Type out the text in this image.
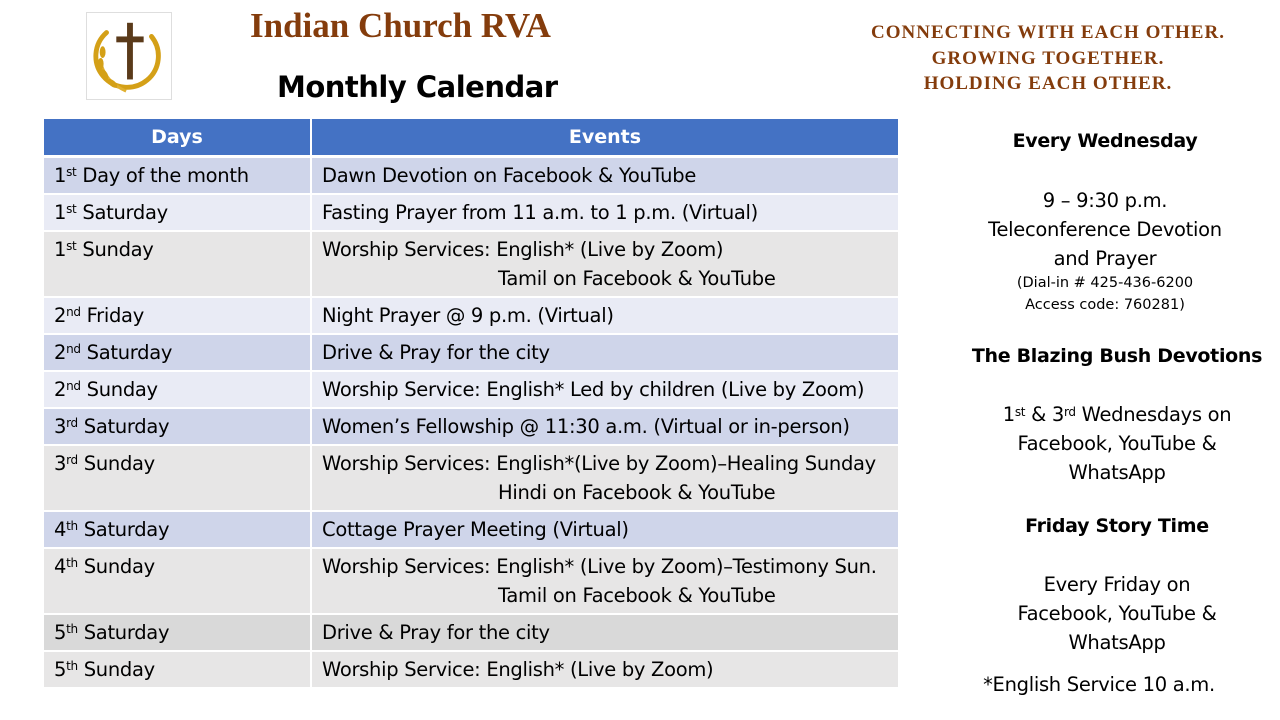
Indian Church RVA
Monthly Calendar
CONNECTING WITH EACH OTHER.
GROWING TOGETHER.
HOLDING EACH OTHER.
Days	Events
1st Day of the month	Dawn Devotion on Facebook & YouTube
1st Saturday	Fasting Prayer from 11 a.m. to 1 p.m. (Virtual)
1st Sunday	Worship Services: English* (Live by Zoom)
Tamil on Facebook & YouTube

2nd Friday	Night Prayer @ 9 p.m. (Virtual)
2nd Saturday	Drive & Pray for the city
2nd Sunday	Worship Service: English* Led by children (Live by Zoom)
3rd Saturday	Women’s Fellowship @ 11:30 a.m. (Virtual or in-person)
3rd Sunday	Worship Services: English*(Live by Zoom)–Healing Sunday
Hindi on Facebook & YouTube

4th Saturday	Cottage Prayer Meeting (Virtual)
4th Sunday	Worship Services: English* (Live by Zoom)–Testimony Sun.
Tamil on Facebook & YouTube

5th Saturday	Drive & Pray for the city
5th Sunday	Worship Service: English* (Live by Zoom)
Every Wednesday
9 – 9:30 p.m.
Teleconference Devotion
and Prayer
(Dial-in # 425-436-6200
Access code: 760281)
The Blazing Bush Devotions
1st & 3rd Wednesdays on
Facebook, YouTube &
WhatsApp
Friday Story Time
Every Friday on
Facebook, YouTube &
WhatsApp
*English Service 10 a.m.
